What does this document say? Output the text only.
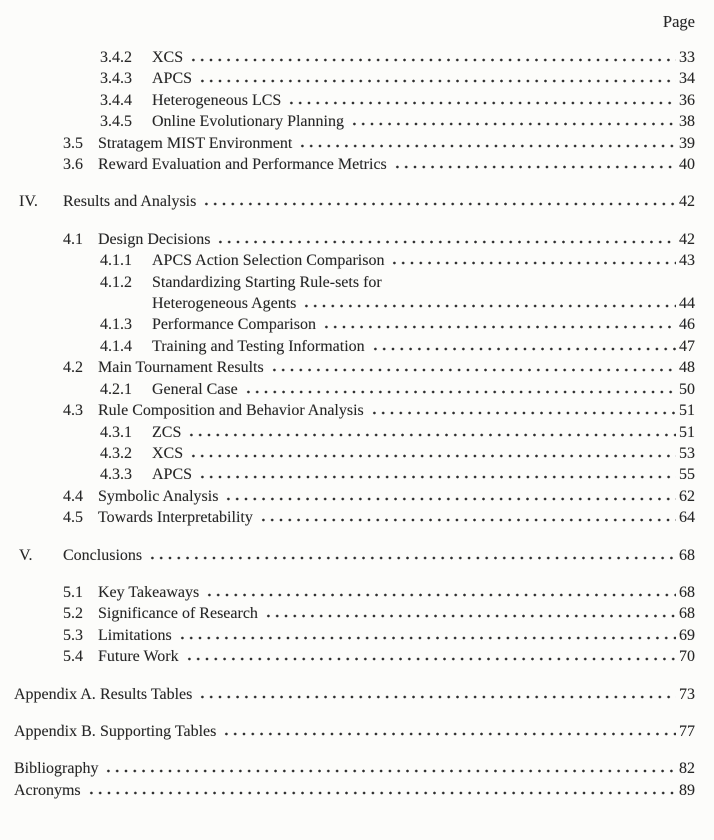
Page
3.4.2	XCS	33
3.4.3	APCS	34
3.4.4	Heterogeneous LCS	36
3.4.5	Online Evolutionary Planning	38
3.5 Stratagem MIST Environment	39
3.6 Reward Evaluation and Performance Metrics	40
IV.	Results and Analysis	42
4.1 Design Decisions	42
4.1.1	APCS Action Selection Comparison	43
4.1.2	Standardizing Starting Rule-sets for
Heterogeneous Agents	44
4.1.3	Performance Comparison	46
4.1.4	Training and Testing Information	47
4.2 Main Tournament Results	48
4.2.1	General Case	50
4.3 Rule Composition and Behavior Analysis	51
4.3.1	ZCS	51
4.3.2	XCS	53
4.3.3	APCS	55
4.4 Symbolic Analysis	62
4.5 Towards Interpretability	64
V.	Conclusions	68
5.1 Key Takeaways	68
5.2 Significance of Research	68
5.3 Limitations	69
5.4 Future Work	70
Appendix A. Results Tables	73
Appendix B. Supporting Tables	77
Bibliography	82
Acronyms	89
